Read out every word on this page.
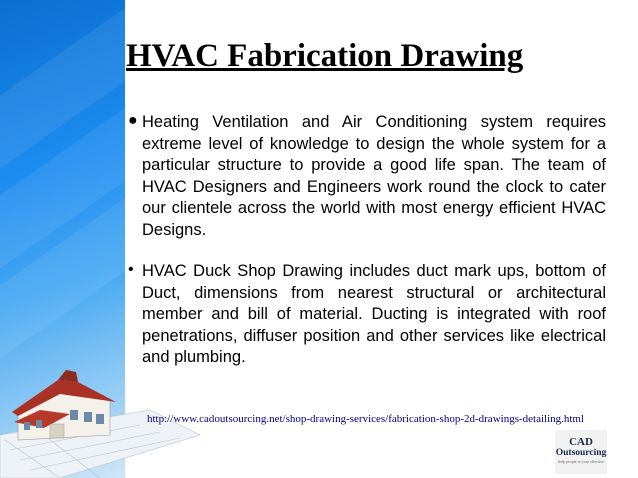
HVAC Fabrication Drawing
● Heating Ventilation and Air Conditioning system requires extreme level of knowledge to design the whole system for a particular structure to provide a good life span. The team of HVAC Designers and Engineers work round the clock to cater our clientele across the world with most energy efficient HVAC Designs.

• HVAC Duck Shop Drawing includes duct mark ups, bottom of Duct, dimensions from nearest structural or architectural member and bill of material. Ducting is integrated with roof penetrations, diffuser position and other services like electrical and plumbing.

http://www.cadoutsourcing.net/shop-drawing-services/fabrication-shop-2d-drawings-detailing.html
CAD
Outsourcing
help people to your effective
